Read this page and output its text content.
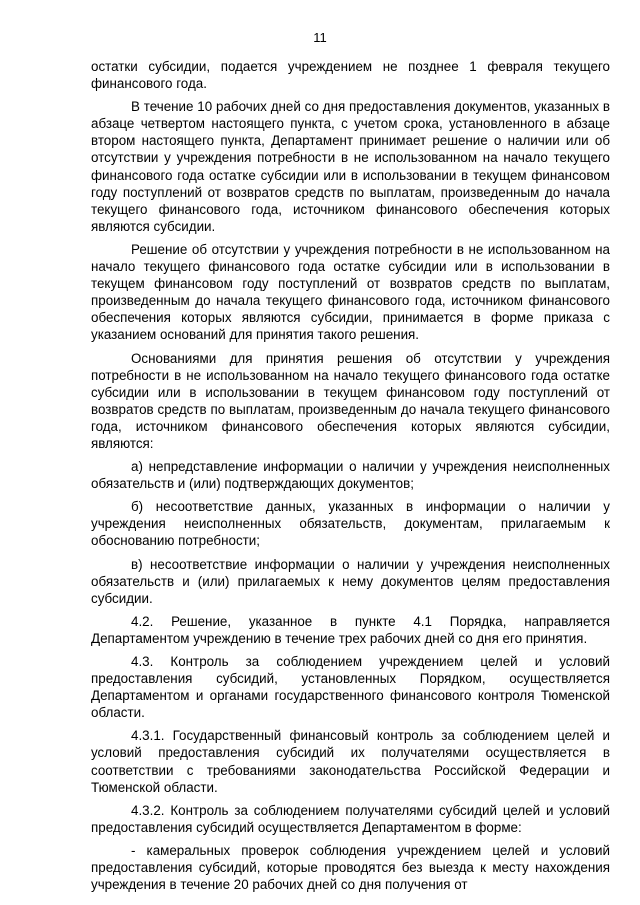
11

остатки субсидии, подается учреждением не позднее 1 февраля текущего финансового года.

В течение 10 рабочих дней со дня предоставления документов, указанных в абзаце четвертом настоящего пункта, с учетом срока, установленного в абзаце втором настоящего пункта, Департамент принимает решение о наличии или об отсутствии у учреждения потребности в не использованном на начало текущего финансового года остатке субсидии или в использовании в текущем финансовом году поступлений от возвратов средств по выплатам, произведенным до начала текущего финансового года, источником финансового обеспечения которых являются субсидии.

Решение об отсутствии у учреждения потребности в не использованном на начало текущего финансового года остатке субсидии или в использовании в текущем финансовом году поступлений от возвратов средств по выплатам, произведенным до начала текущего финансового года, источником финансового обеспечения которых являются субсидии, принимается в форме приказа с указанием оснований для принятия такого решения.

Основаниями для принятия решения об отсутствии у учреждения потребности в не использованном на начало текущего финансового года остатке субсидии или в использовании в текущем финансовом году поступлений от возвратов средств по выплатам, произведенным до начала текущего финансового года, источником финансового обеспечения которых являются субсидии, являются:

а) непредставление информации о наличии у учреждения неисполненных обязательств и (или) подтверждающих документов;

б) несоответствие данных, указанных в информации о наличии у учреждения неисполненных обязательств, документам, прилагаемым к обоснованию потребности;

в) несоответствие информации о наличии у учреждения неисполненных обязательств и (или) прилагаемых к нему документов целям предоставления субсидии.

4.2. Решение, указанное в пункте 4.1 Порядка, направляется Департаментом учреждению в течение трех рабочих дней со дня его принятия.

4.3. Контроль за соблюдением учреждением целей и условий предоставления субсидий, установленных Порядком, осуществляется Департаментом и органами государственного финансового контроля Тюменской области.

4.3.1. Государственный финансовый контроль за соблюдением целей и условий предоставления субсидий их получателями осуществляется в соответствии с требованиями законодательства Российской Федерации и Тюменской области.

4.3.2. Контроль за соблюдением получателями субсидий целей и условий предоставления субсидий осуществляется Департаментом в форме:

- камеральных проверок соблюдения учреждением целей и условий предоставления субсидий, которые проводятся без выезда к месту нахождения учреждения в течение 20 рабочих дней со дня получения от
